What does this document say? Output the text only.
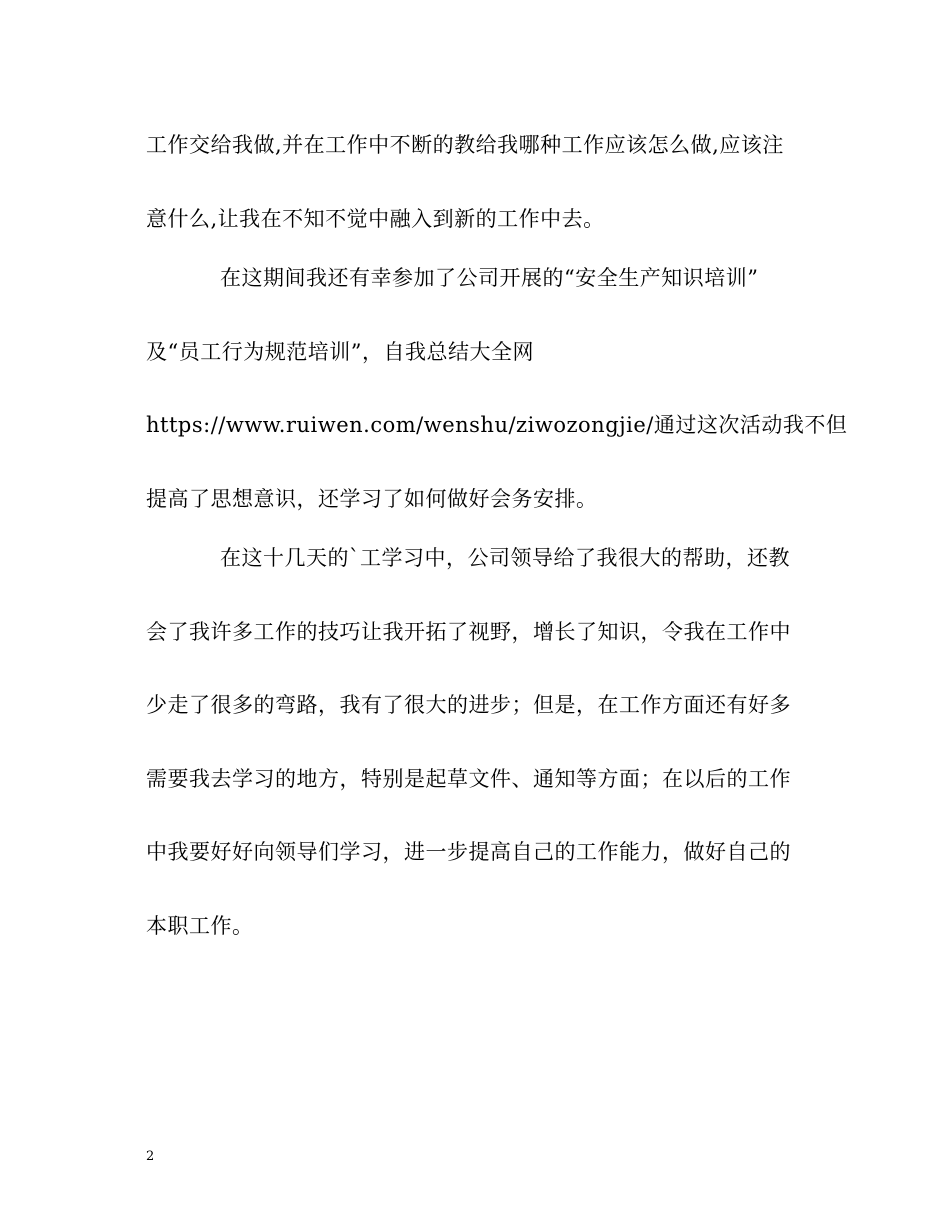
工作交给我做,并在工作中不断的教给我哪种工作应该怎么做,应该注
意什么,让我在不知不觉中融入到新的工作中去。
在这期间我还有幸参加了公司开展的“安全生产知识培训”
及“员工行为规范培训”，自我总结大全网
https://www.ruiwen.com/wenshu/ziwozongjie/通过这次活动我不但
提高了思想意识，还学习了如何做好会务安排。
在这十几天的`工学习中，公司领导给了我很大的帮助，还教
会了我许多工作的技巧让我开拓了视野，增长了知识，令我在工作中
少走了很多的弯路，我有了很大的进步；但是，在工作方面还有好多
需要我去学习的地方，特别是起草文件、通知等方面；在以后的工作
中我要好好向领导们学习，进一步提高自己的工作能力，做好自己的
本职工作。
2
